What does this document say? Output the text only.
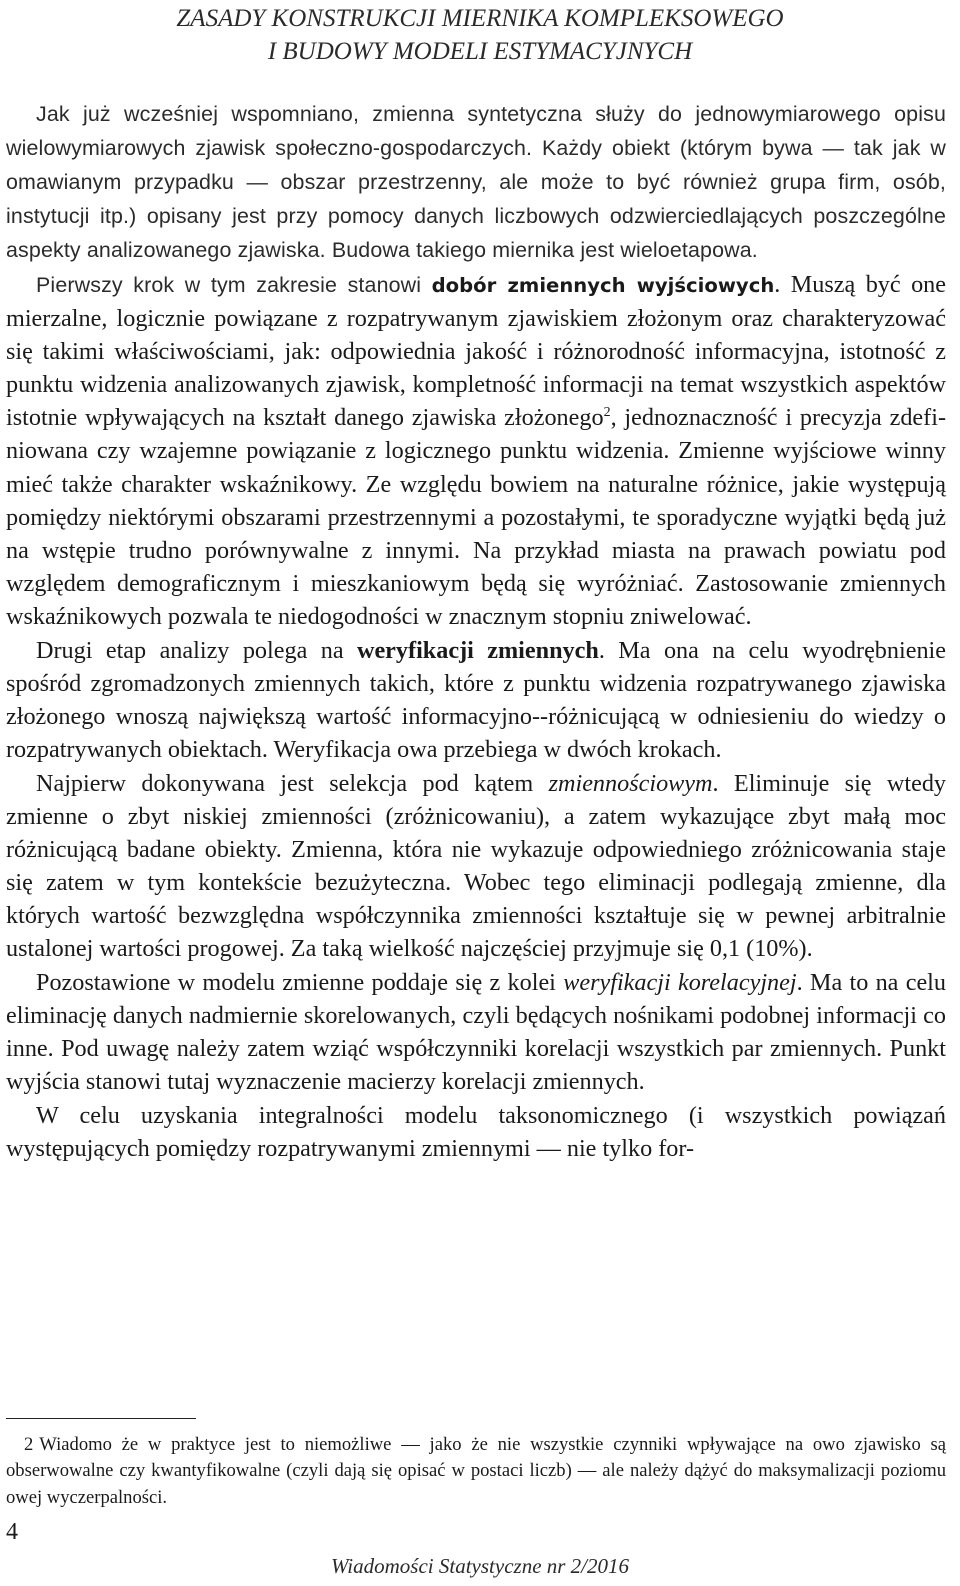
ZASADY KONSTRUKCJI MIERNIKA KOMPLEKSOWEGO
I BUDOWY MODELI ESTYMACYJNYCH

Jak już wcześniej wspomniano, zmienna syntetyczna służy do jednowymiarowego opisu wielowymiarowych zjawisk społeczno-gospodarczych. Każdy obiekt (którym bywa — tak jak w omawianym przypadku — obszar przestrzenny, ale może to być również grupa firm, osób, instytucji itp.) opisany jest przy pomocy danych liczbowych odzwierciedlających poszczególne aspekty analizowanego zjawiska. Budowa takiego miernika jest wieloetapowa.

Pierwszy krok w tym zakresie stanowi dobór zmiennych wyjściowych. Muszą być one mierzalne, logicznie powiązane z rozpatrywanym zjawiskiem złożonym oraz charakteryzować się takimi właściwościami, jak: odpowiednia jakość i różnorodność informacyjna, istotność z punktu widzenia analizowanych zjawisk, kompletność informacji na temat wszystkich aspektów istotnie wpływających na kształt danego zjawiska złożonego$^2$, jednoznaczność i precyzja zdefiniowana czy wzajemne powiązanie z logicznego punktu widzenia. Zmienne wyjściowe winny mieć także charakter wskaźnikowy. Ze względu bowiem na naturalne różnice, jakie występują pomiędzy niektórymi obszarami przestrzennymi a pozostałymi, te sporadyczne wyjątki będą już na wstępie trudno porównywalne z innymi. Na przykład miasta na prawach powiatu pod względem demograficznym i mieszkaniowym będą się wyróżniać. Zastosowanie zmiennych wskaźnikowych pozwala te niedogodności w znacznym stopniu zniwelować.

Drugi etap analizy polega na weryfikacji zmiennych. Ma ona na celu wyodrębnienie spośród zgromadzonych zmiennych takich, które z punktu widzenia rozpatrywanego zjawiska złożonego wnoszą największą wartość informacyjno--różnicującą w odniesieniu do wiedzy o rozpatrywanych obiektach. Weryfikacja owa przebiega w dwóch krokach.

Najpierw dokonywana jest selekcja pod kątem zmiennościowym. Eliminuje się wtedy zmienne o zbyt niskiej zmienności (zróżnicowaniu), a zatem wykazujące zbyt małą moc różnicującą badane obiekty. Zmienna, która nie wykazuje odpowiedniego zróżnicowania staje się zatem w tym kontekście bezużyteczna. Wobec tego eliminacji podlegają zmienne, dla których wartość bezwzględna współczynnika zmienności kształtuje się w pewnej arbitralnie ustalonej wartości progowej. Za taką wielkość najczęściej przyjmuje się 0,1 (10%).

Pozostawione w modelu zmienne poddaje się z kolei weryfikacji korelacyjnej. Ma to na celu eliminację danych nadmiernie skorelowanych, czyli będących nośnikami podobnej informacji co inne. Pod uwagę należy zatem wziąć współczynniki korelacji wszystkich par zmiennych. Punkt wyjścia stanowi tutaj wyznaczenie macierzy korelacji zmiennych.

W celu uzyskania integralności modelu taksonomicznego (i wszystkich powiązań występujących pomiędzy rozpatrywanymi zmiennymi — nie tylko for-

2 Wiadomo że w praktyce jest to niemożliwe — jako że nie wszystkie czynniki wpływające na owo zjawisko są obserwowalne czy kwantyfikowalne (czyli dają się opisać w postaci liczb) — ale należy dążyć do maksymalizacji poziomu owej wyczerpalności.
4
Wiadomości Statystyczne nr 2/2016
